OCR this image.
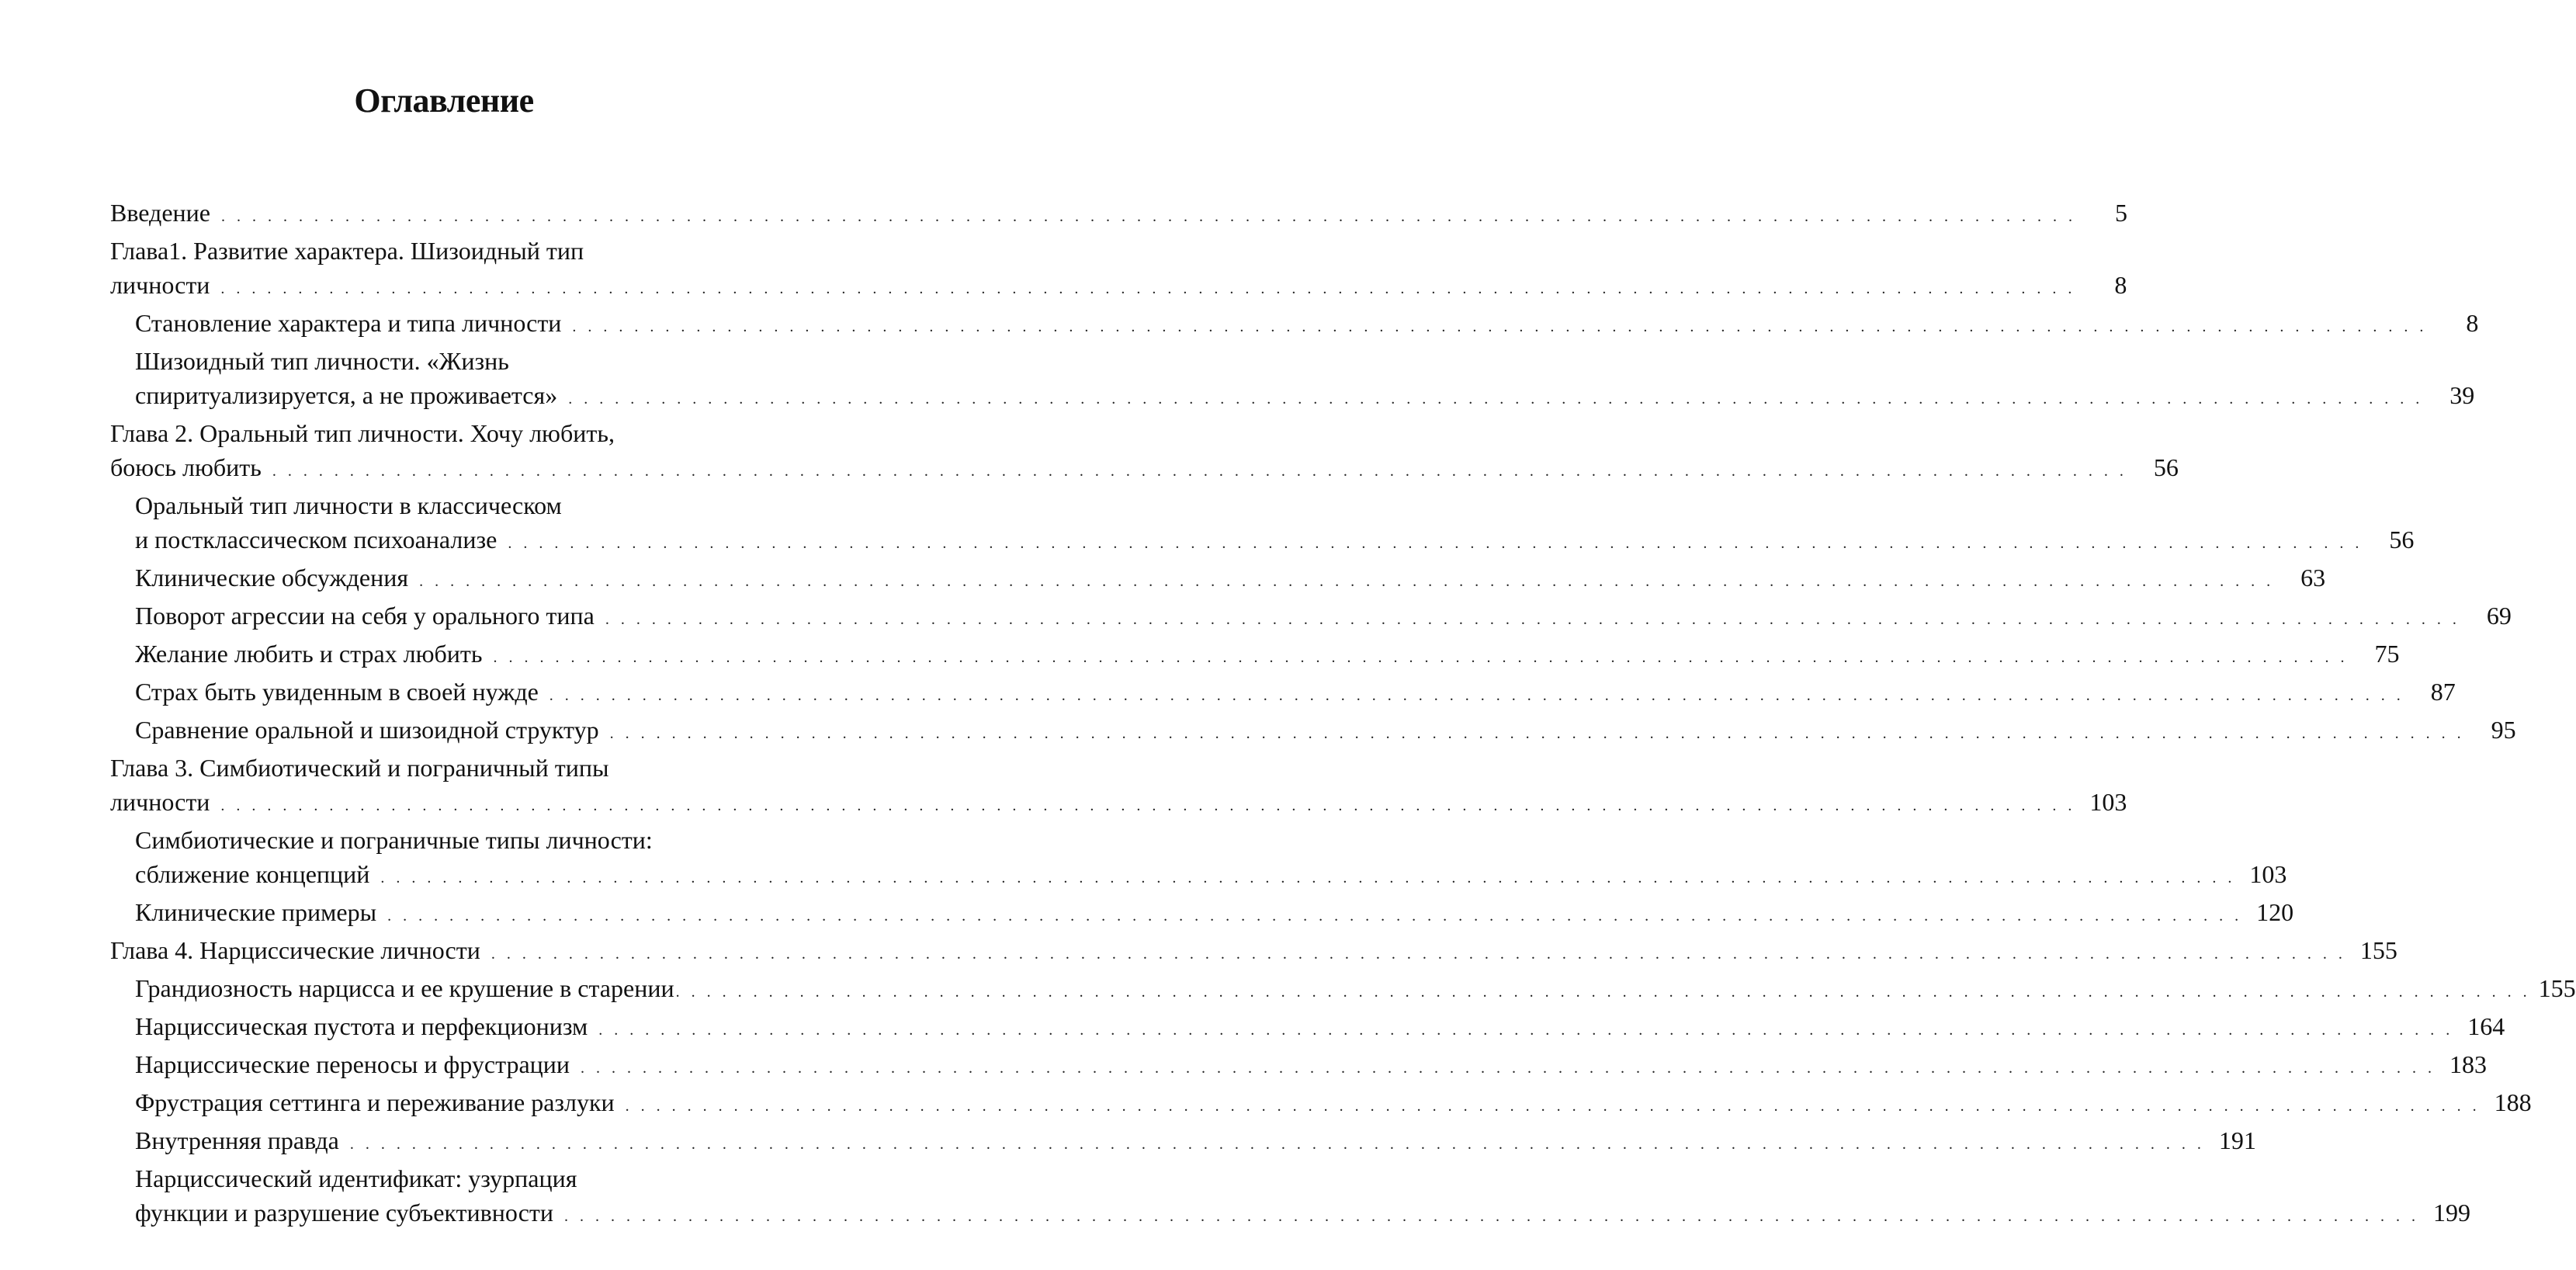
Оглавление
Введение . . . . . . . . . . . . . . . . . . . . . . . . . . . . . . . . . . . . . . . . . . . . . . . . . . . . . . . . . . . . . . . . . . . . . . . . . . . . . . . . . . . . . . . . . . . . . . . . . . . . . . . . . . . . . . . . . . . . . . . .	5
Глава1. Развитие характера. Шизоидный тип
личности . . . . . . . . . . . . . . . . . . . . . . . . . . . . . . . . . . . . . . . . . . . . . . . . . . . . . . . . . . . . . . . . . . . . . . . . . . . . . . . . . . . . . . . . . . . . . . . . . . . . . . . . . . . . . . . . . . . . . . . .	8
Становление характера и типа личности . . . . . . . . . . . . . . . . . . . . . . . . . . . . . . . . . . . . . . . . . . . . . . . . . . . . . . . . . . . . . . . . . . . . . . . . . . . . . . . . . . . . . . . . . . . . . . . . . . . . . . . . . . . . . . . . . . . . . . . .	8
Шизоидный тип личности. «Жизнь
спиритуализируется, а не проживается» . . . . . . . . . . . . . . . . . . . . . . . . . . . . . . . . . . . . . . . . . . . . . . . . . . . . . . . . . . . . . . . . . . . . . . . . . . . . . . . . . . . . . . . . . . . . . . . . . . . . . . . . . . . . . . . . . . . . . . . .	39
Глава 2. Оральный тип личности. Хочу любить,
боюсь любить . . . . . . . . . . . . . . . . . . . . . . . . . . . . . . . . . . . . . . . . . . . . . . . . . . . . . . . . . . . . . . . . . . . . . . . . . . . . . . . . . . . . . . . . . . . . . . . . . . . . . . . . . . . . . . . . . . . . . . . .	56
Оральный тип личности в классическом
и постклассическом психоанализе . . . . . . . . . . . . . . . . . . . . . . . . . . . . . . . . . . . . . . . . . . . . . . . . . . . . . . . . . . . . . . . . . . . . . . . . . . . . . . . . . . . . . . . . . . . . . . . . . . . . . . . . . . . . . . . . . . . . . . . .	56
Клинические обсуждения . . . . . . . . . . . . . . . . . . . . . . . . . . . . . . . . . . . . . . . . . . . . . . . . . . . . . . . . . . . . . . . . . . . . . . . . . . . . . . . . . . . . . . . . . . . . . . . . . . . . . . . . . . . . . . . . . . . . . . . .	63
Поворот агрессии на себя у орального типа . . . . . . . . . . . . . . . . . . . . . . . . . . . . . . . . . . . . . . . . . . . . . . . . . . . . . . . . . . . . . . . . . . . . . . . . . . . . . . . . . . . . . . . . . . . . . . . . . . . . . . . . . . . . . . . . . . . . . . . .	69
Желание любить и страх любить . . . . . . . . . . . . . . . . . . . . . . . . . . . . . . . . . . . . . . . . . . . . . . . . . . . . . . . . . . . . . . . . . . . . . . . . . . . . . . . . . . . . . . . . . . . . . . . . . . . . . . . . . . . . . . . . . . . . . . . .	75
Страх быть увиденным в своей нужде . . . . . . . . . . . . . . . . . . . . . . . . . . . . . . . . . . . . . . . . . . . . . . . . . . . . . . . . . . . . . . . . . . . . . . . . . . . . . . . . . . . . . . . . . . . . . . . . . . . . . . . . . . . . . . . . . . . . . . . .	87
Сравнение оральной и шизоидной структур . . . . . . . . . . . . . . . . . . . . . . . . . . . . . . . . . . . . . . . . . . . . . . . . . . . . . . . . . . . . . . . . . . . . . . . . . . . . . . . . . . . . . . . . . . . . . . . . . . . . . . . . . . . . . . . . . . . . . . . .	95
Глава 3. Симбиотический и пограничный типы
личности . . . . . . . . . . . . . . . . . . . . . . . . . . . . . . . . . . . . . . . . . . . . . . . . . . . . . . . . . . . . . . . . . . . . . . . . . . . . . . . . . . . . . . . . . . . . . . . . . . . . . . . . . . . . . . . . . . . . . . . . 103
Симбиотические и пограничные типы личности:
сближение концепций . . . . . . . . . . . . . . . . . . . . . . . . . . . . . . . . . . . . . . . . . . . . . . . . . . . . . . . . . . . . . . . . . . . . . . . . . . . . . . . . . . . . . . . . . . . . . . . . . . . . . . . . . . . . . . . . . . . . . . . . 103
Клинические примеры . . . . . . . . . . . . . . . . . . . . . . . . . . . . . . . . . . . . . . . . . . . . . . . . . . . . . . . . . . . . . . . . . . . . . . . . . . . . . . . . . . . . . . . . . . . . . . . . . . . . . . . . . . . . . . . . . . . . . . . . 120
Глава 4. Нарциссические личности . . . . . . . . . . . . . . . . . . . . . . . . . . . . . . . . . . . . . . . . . . . . . . . . . . . . . . . . . . . . . . . . . . . . . . . . . . . . . . . . . . . . . . . . . . . . . . . . . . . . . . . . . . . . . . . . . . . . . . . . 155
Грандиозность нарцисса и ее крушение в старении . . . . . . . . . . . . . . . . . . . . . . . . . . . . . . . . . . . . . . . . . . . . . . . . . . . . . . . . . . . . . . . . . . . . . . . . . . . . . . . . . . . . . . . . . . . . . . . . . . . . . . . . . . . . . . . . . . . . . . . . 155
Нарциссическая пустота и перфекционизм . . . . . . . . . . . . . . . . . . . . . . . . . . . . . . . . . . . . . . . . . . . . . . . . . . . . . . . . . . . . . . . . . . . . . . . . . . . . . . . . . . . . . . . . . . . . . . . . . . . . . . . . . . . . . . . . . . . . . . . . 164
Нарциссические переносы и фрустрации . . . . . . . . . . . . . . . . . . . . . . . . . . . . . . . . . . . . . . . . . . . . . . . . . . . . . . . . . . . . . . . . . . . . . . . . . . . . . . . . . . . . . . . . . . . . . . . . . . . . . . . . . . . . . . . . . . . . . . . . 183
Фрустрация сеттинга и переживание разлуки . . . . . . . . . . . . . . . . . . . . . . . . . . . . . . . . . . . . . . . . . . . . . . . . . . . . . . . . . . . . . . . . . . . . . . . . . . . . . . . . . . . . . . . . . . . . . . . . . . . . . . . . . . . . . . . . . . . . . . . . 188
Внутренняя правда . . . . . . . . . . . . . . . . . . . . . . . . . . . . . . . . . . . . . . . . . . . . . . . . . . . . . . . . . . . . . . . . . . . . . . . . . . . . . . . . . . . . . . . . . . . . . . . . . . . . . . . . . . . . . . . . . . . . . . . . 191
Нарциссический идентификат: узурпация
функции и разрушение субъективности . . . . . . . . . . . . . . . . . . . . . . . . . . . . . . . . . . . . . . . . . . . . . . . . . . . . . . . . . . . . . . . . . . . . . . . . . . . . . . . . . . . . . . . . . . . . . . . . . . . . . . . . . . . . . . . . . . . . . . . . 199
